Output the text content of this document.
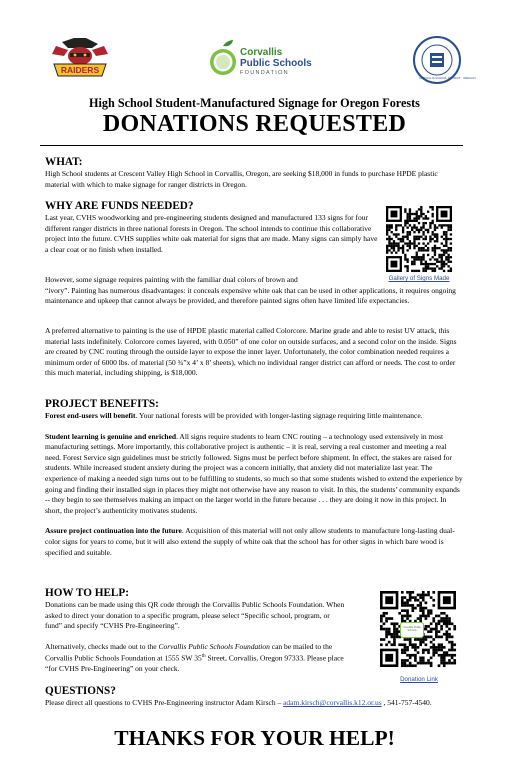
RAIDERS
Corvallis
Public Schools
FOUNDATION
CORVALLIS SCHOOL DISTRICT · OREGON
High School Student-Manufactured Signage for Oregon Forests
DONATIONS REQUESTED
WHAT:

High School students at Crescent Valley High School in Corvallis, Oregon, are seeking $18,000 in funds to purchase HPDE plastic material with which to make signage for ranger districts in Oregon.

WHY ARE FUNDS NEEDED?

Last year, CVHS woodworking and pre-engineering students designed and manufactured 133 signs for four different ranger districts in three national forests in Oregon. The school intends to continue this collaborative project into the future. CVHS supplies white oak material for signs that are made. Many signs can simply have a clear coat or no finish when installed.

Gallery of Signs Made

However, some signage requires painting with the familiar dual colors of brown and

“ivory”. Painting has numerous disadvantages: it conceals expensive white oak that can be used in other applications, it requires ongoing maintenance and upkeep that cannot always be provided, and therefore painted signs often have limited life expectancies.

A preferred alternative to painting is the use of HPDE plastic material called Colorcore. Marine grade and able to resist UV attack, this material lasts indefinitely. Colorcore comes layered, with 0.050” of one color on outside surfaces, and a second color on the inside. Signs are created by CNC routing through the outside layer to expose the inner layer. Unfortunately, the color combination needed requires a minimum order of 6000 lbs. of material (50 ¾”x 4’ x 8’ sheets), which no individual ranger district can afford or needs. The cost to order this much material, including shipping, is $18,000.

PROJECT BENEFITS:

Forest end-users will benefit. Your national forests will be provided with longer-lasting signage requiring little maintenance.

Student learning is genuine and enriched. All signs require students to learn CNC routing – a technology used extensively in most manufacturing settings. More importantly, this collaborative project is authentic – it is real, serving a real customer and meeting a real need. Forest Service sign guidelines must be strictly followed. Signs must be perfect before shipment. In effect, the stakes are raised for students. While increased student anxiety during the project was a concern initially, that anxiety did not materialize last year. The experience of making a needed sign turns out to be fulfilling to students, so much so that some students wished to extend the experience by going and finding their installed sign in places they might not otherwise have any reason to visit. In this, the students’ community expands -- they begin to see themselves making an impact on the larger world in the future because . . . they are doing it now in this project. In short, the project’s authenticity motivates students.

Assure project continuation into the future. Acquisition of this material will not only allow students to manufacture long-lasting dual-color signs for years to come, but it will also extend the supply of white oak that the school has for other signs in which bare wood is specified and suitable.

HOW TO HELP:

Donations can be made using this QR code through the Corvallis Public Schools Foundation. When asked to direct your donation to a specific program, please select “Specific school, program, or fund” and specify “CVHS Pre-Engineering”.

Alternatively, checks made out to the Corvallis Public Schools Foundation can be mailed to the Corvallis Public Schools Foundation at 1555 SW 35th Street, Corvallis, Oregon 97333. Please place “for CVHS Pre-Engineering” on your check.

Corvallis Public Schools
Donation Link
QUESTIONS?

Please direct all questions to CVHS Pre-Engineering instructor Adam Kirsch – adam.kirsch@corvallis.k12.or.us , 541-757-4540.

THANKS FOR YOUR HELP!
